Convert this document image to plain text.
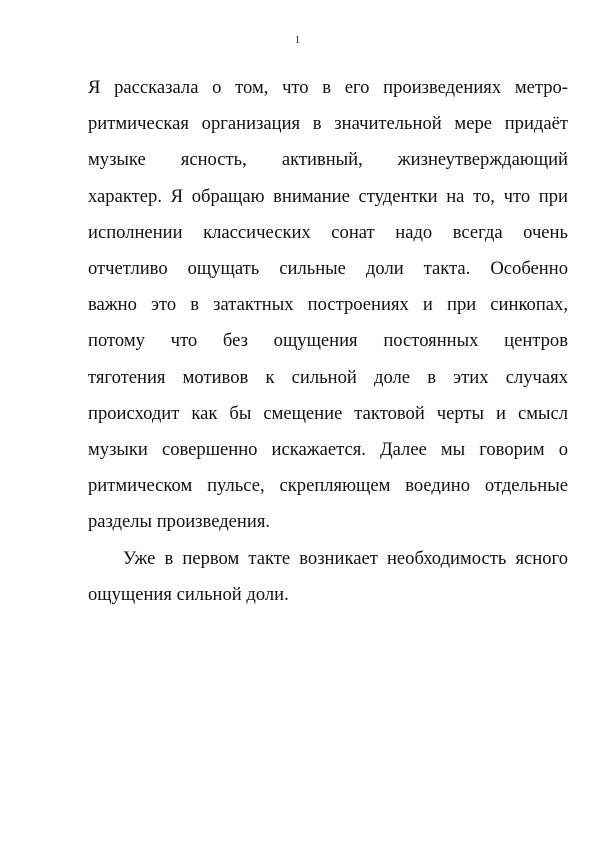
1

Я рассказала о том, что в его произведениях метро-
ритмическая организация в значительной мере придаёт
музыке ясность, активный, жизнеутверждающий
характер. Я обращаю внимание студентки на то, что при
исполнении классических сонат надо всегда очень
отчетливо ощущать сильные доли такта. Особенно
важно это в затактных построениях и при синкопах,
потому что без ощущения постоянных центров
тяготения мотивов к сильной доле в этих случаях
происходит как бы смещение тактовой черты и смысл
музыки совершенно искажается. Далее мы говорим о
ритмическом пульсе, скрепляющем воедино отдельные
разделы произведения.

Уже в первом такте возникает необходимость ясного
ощущения сильной доли.
